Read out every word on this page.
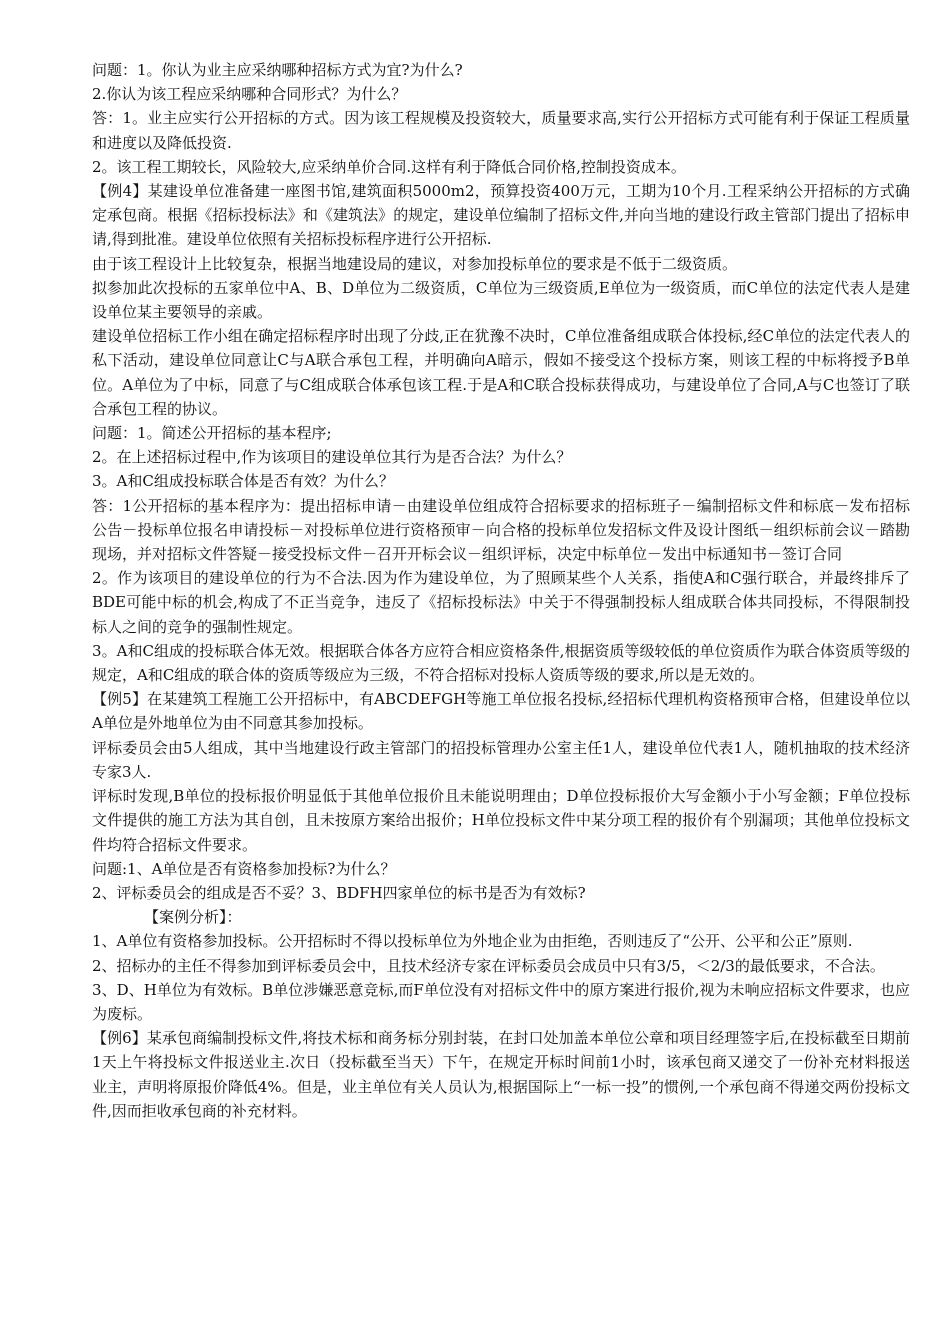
问题：1。你认为业主应采纳哪种招标方式为宜?为什么?

2.你认为该工程应采纳哪种合同形式？为什么？

答：1。业主应实行公开招标的方式。因为该工程规模及投资较大，质量要求高,实行公开招标方式可能有利于保证工程质量和进度以及降低投资.

2。该工程工期较长，风险较大,应采纳单价合同.这样有利于降低合同价格,控制投资成本。

【例4】某建设单位准备建一座图书馆,建筑面积5000m2，预算投资400万元，工期为10个月.工程采纳公开招标的方式确定承包商。根据《招标投标法》和《建筑法》的规定，建设单位编制了招标文件,并向当地的建设行政主管部门提出了招标申请,得到批准。建设单位依照有关招标投标程序进行公开招标.

由于该工程设计上比较复杂，根据当地建设局的建议，对参加投标单位的要求是不低于二级资质。

拟参加此次投标的五家单位中A、B、D单位为二级资质，C单位为三级资质,E单位为一级资质，而C单位的法定代表人是建设单位某主要领导的亲戚。

建设单位招标工作小组在确定招标程序时出现了分歧,正在犹豫不决时，C单位准备组成联合体投标,经C单位的法定代表人的私下活动，建设单位同意让C与A联合承包工程，并明确向A暗示，假如不接受这个投标方案，则该工程的中标将授予B单位。A单位为了中标，同意了与C组成联合体承包该工程.于是A和C联合投标获得成功，与建设单位了合同,A与C也签订了联合承包工程的协议。

问题：1。简述公开招标的基本程序;

2。在上述招标过程中,作为该项目的建设单位其行为是否合法？为什么？

3。A和C组成投标联合体是否有效？为什么？

答：1公开招标的基本程序为：提出招标申请－由建设单位组成符合招标要求的招标班子－编制招标文件和标底－发布招标公告－投标单位报名申请投标－对投标单位进行资格预审－向合格的投标单位发招标文件及设计图纸－组织标前会议－踏勘现场，并对招标文件答疑－接受投标文件－召开开标会议－组织评标，决定中标单位－发出中标通知书－签订合同

2。作为该项目的建设单位的行为不合法.因为作为建设单位，为了照顾某些个人关系，指使A和C强行联合，并最终排斥了BDE可能中标的机会,构成了不正当竞争，违反了《招标投标法》中关于不得强制投标人组成联合体共同投标，不得限制投标人之间的竞争的强制性规定。

3。A和C组成的投标联合体无效。根据联合体各方应符合相应资格条件,根据资质等级较低的单位资质作为联合体资质等级的规定，A和C组成的联合体的资质等级应为三级，不符合招标对投标人资质等级的要求,所以是无效的。

【例5】在某建筑工程施工公开招标中，有ABCDEFGH等施工单位报名投标,经招标代理机构资格预审合格，但建设单位以A单位是外地单位为由不同意其参加投标。

评标委员会由5人组成，其中当地建设行政主管部门的招投标管理办公室主任1人，建设单位代表1人，随机抽取的技术经济专家3人.

评标时发现,B单位的投标报价明显低于其他单位报价且未能说明理由；D单位投标报价大写金额小于小写金额；F单位投标文件提供的施工方法为其自创，且未按原方案给出报价；H单位投标文件中某分项工程的报价有个别漏项；其他单位投标文件均符合招标文件要求。

问题:1、A单位是否有资格参加投标?为什么？

2、评标委员会的组成是否不妥？3、BDFH四家单位的标书是否为有效标?

【案例分析】：

1、A单位有资格参加投标。公开招标时不得以投标单位为外地企业为由拒绝，否则违反了“公开、公平和公正”原则.

2、招标办的主任不得参加到评标委员会中，且技术经济专家在评标委员会成员中只有3/5，＜2/3的最低要求，不合法。

3、D、H单位为有效标。B单位涉嫌恶意竞标,而F单位没有对招标文件中的原方案进行报价,视为未响应招标文件要求，也应为废标。

【例6】某承包商编制投标文件,将技术标和商务标分别封装，在封口处加盖本单位公章和项目经理签字后,在投标截至日期前1天上午将投标文件报送业主.次日（投标截至当天）下午，在规定开标时间前1小时，该承包商又递交了一份补充材料报送业主，声明将原报价降低4%。但是，业主单位有关人员认为,根据国际上“一标一投”的惯例,一个承包商不得递交两份投标文件,因而拒收承包商的补充材料。
